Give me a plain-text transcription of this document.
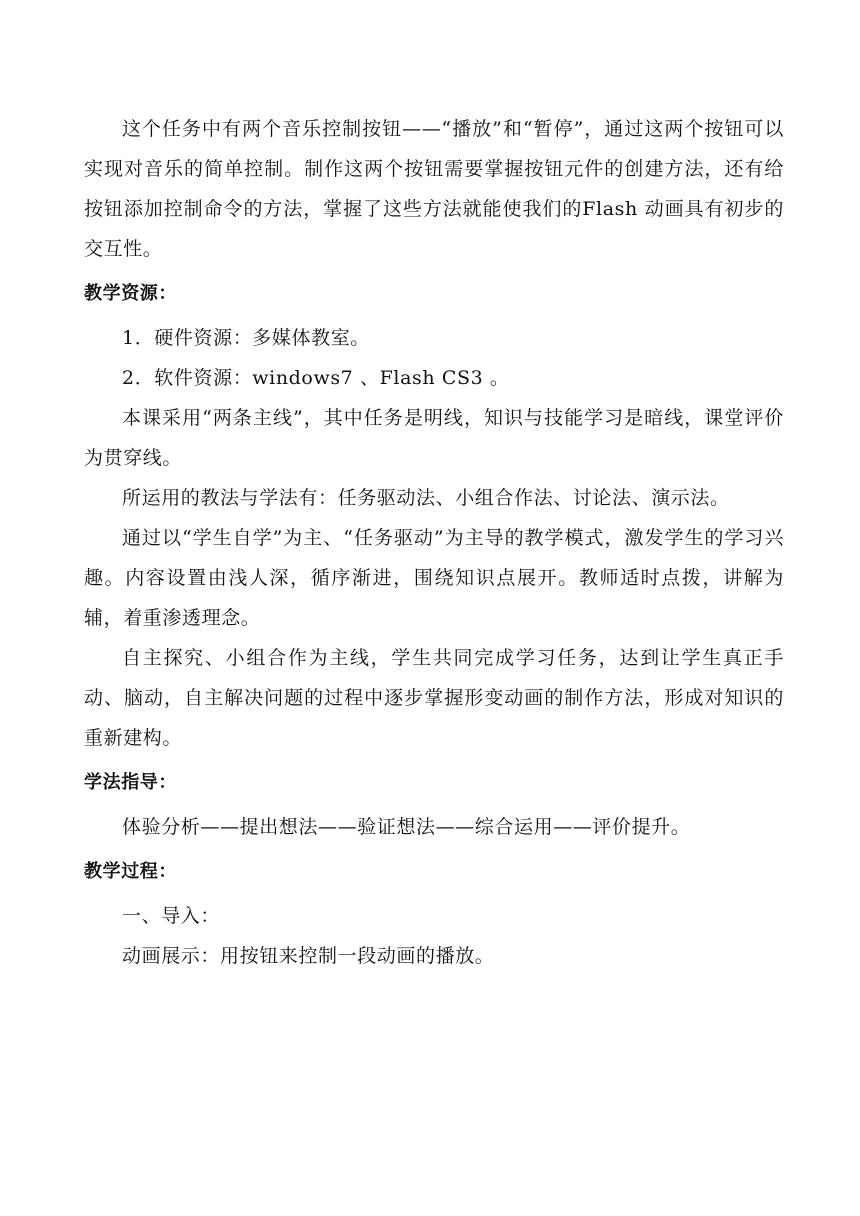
这个任务中有两个音乐控制按钮——“播放”和“暂停”，通过这两个按钮可以实现对音乐的简单控制。制作这两个按钮需要掌握按钮元件的创建方法，还有给按钮添加控制命令的方法，掌握了这些方法就能使我们的Flash 动画具有初步的交互性。

教学资源：

1．硬件资源：多媒体教室。

2．软件资源：windows7 、Flash CS3 。

本课采用“两条主线”，其中任务是明线，知识与技能学习是暗线，课堂评价为贯穿线。

所运用的教法与学法有：任务驱动法、小组合作法、讨论法、演示法。

通过以“学生自学”为主、“任务驱动”为主导的教学模式，激发学生的学习兴趣。内容设置由浅人深，循序渐进，围绕知识点展开。教师适时点拨，讲解为辅，着重渗透理念。

自主探究、小组合作为主线，学生共同完成学习任务，达到让学生真正手动、脑动，自主解决问题的过程中逐步掌握形变动画的制作方法，形成对知识的重新建构。

学法指导：

体验分析——提出想法——验证想法——综合运用——评价提升。

教学过程：

一、导入：

动画展示：用按钮来控制一段动画的播放。
